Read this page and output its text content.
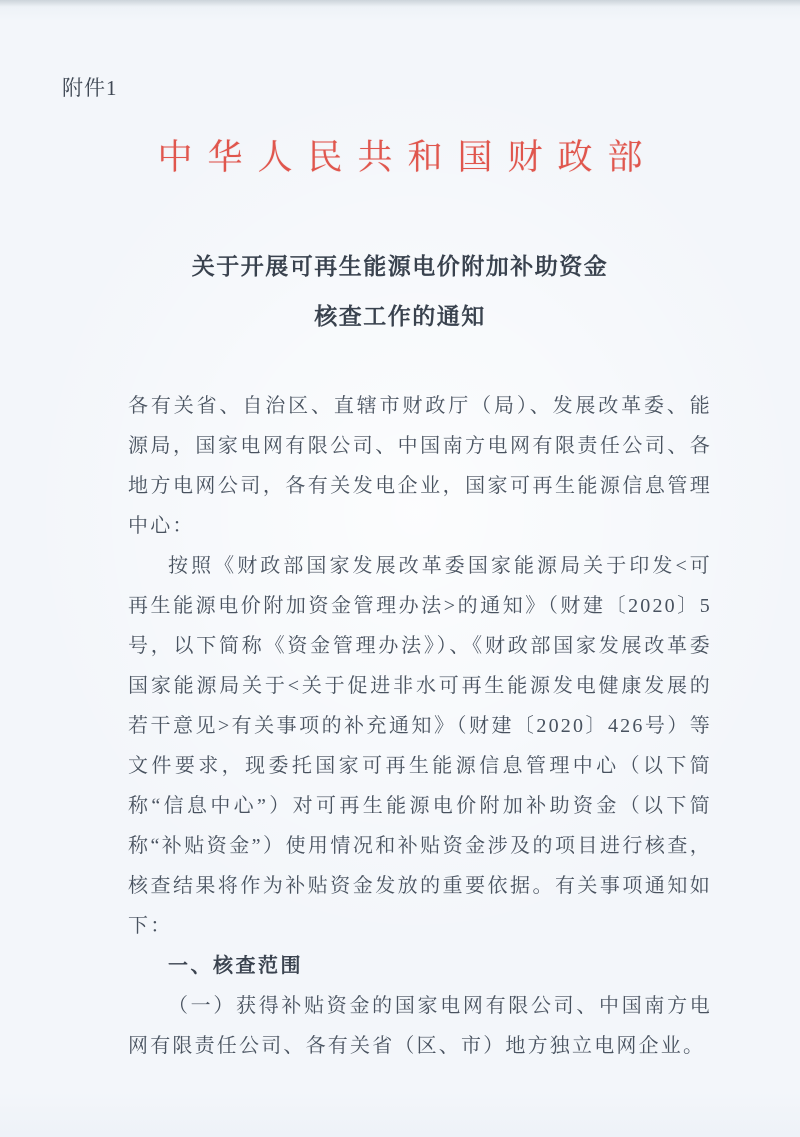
附件1
中华人民共和国财政部
关于开展可再生能源电价附加补助资金
核查工作的通知

各有关省、自治区、直辖市财政厅（局）、发展改革委、能源局，国家电网有限公司、中国南方电网有限责任公司、各地方电网公司，各有关发电企业，国家可再生能源信息管理中心：

按照《财政部国家发展改革委国家能源局关于印发<可再生能源电价附加资金管理办法>的通知》（财建〔2020〕5号，以下简称《资金管理办法》）、《财政部国家发展改革委国家能源局关于<关于促进非水可再生能源发电健康发展的若干意见>有关事项的补充通知》（财建〔2020〕426号）等文件要求，现委托国家可再生能源信息管理中心（以下简称“信息中心”）对可再生能源电价附加补助资金（以下简称“补贴资金”）使用情况和补贴资金涉及的项目进行核查，核查结果将作为补贴资金发放的重要依据。有关事项通知如下：

一、核查范围

（一）获得补贴资金的国家电网有限公司、中国南方电网有限责任公司、各有关省（区、市）地方独立电网企业。
